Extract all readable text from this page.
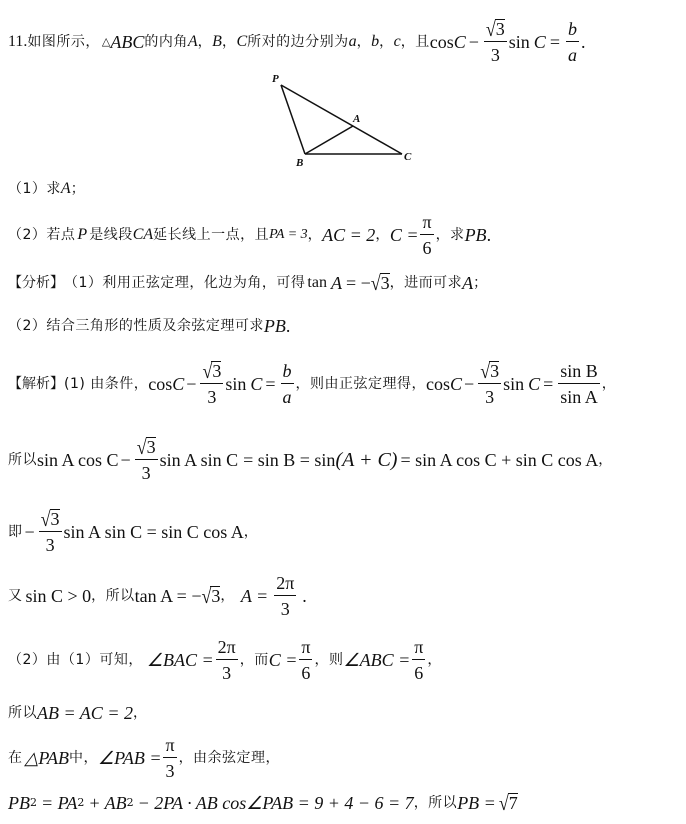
11. 如图所示， △ ABC 的内角 A ， B ， C 所对的边分别为 a ， b ， c ，且 $\cos C - \frac{√ 3}{3}$ $\sin C = \frac{b}{a}$ .
P
A
B	C
（1）求 A ；
（2）若点 P 是线段 CA 延长线上一点，且 PA = 3 ， AC = 2 ， $C = \frac{\pi}{6}$ ，求 PB .
【分析】 （1）利用正弦定理，化边为角，可得 tan A = − √ 3 ，进而可求 A ；
（2）结合三角形的性质及余弦定理可求 PB .
【解析】 (1) 由条件， $\cos C - \frac{√ 3}{3}$ $\sin C = \frac{b}{a}$ ，则由正弦定理得， $\cos C - \frac{√ 3}{3}$ $\sin C = \frac{\text{sin B}}{\text{sin A}}$ ，
所以 sin A $\cos C - \frac{√ 3}{3}$ sin A sin C = sin B = sin (A + C) = sin A cos C + sin C cos A ，
即 − $\frac{√ 3}{3}$ sin A sin C = sin C cos A ，
又 sin C > 0 ，所以 tan A = − √ 3 ， $A = \frac{2\pi}{3}$ .
（2）由（1）可知， ∠BAC = $\frac{2\pi}{3}$ ，而 $C = \frac{\pi}{6}$ ，则 ∠ABC = $\frac{\pi}{6}$ ，
所以 AB = AC = 2 ，
在 △PAB 中， ∠PAB = $\frac{\pi}{3}$ ，由余弦定理，
PB 2 = PA 2 + AB 2 − 2PA · AB cos∠PAB = 9 + 4 − 6 = 7 ，所以 PB = √ 7
